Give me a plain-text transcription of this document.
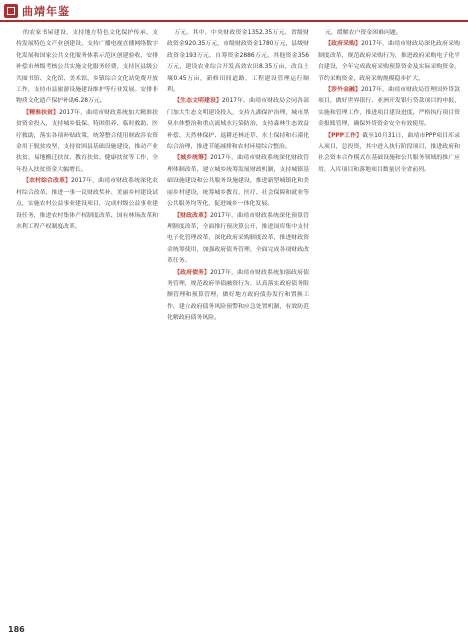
曲靖年鉴

的农家书屋建设、支持地方特色文化保护传承、支持发展特色文产业创建设、支持广播电视直播网络数字化发展和国家公共文化服务体系示范区创建验收、安排补偿市州级考核公共实施文化服务经费，支持区县级公共图书馆、文化馆、美术馆、乡镇综合文化站免费开放工作，支持市县旅游设施建设维护等行业发展。安排非物质文化遗产保护补助6.28万元。

【精准扶贫】2017年，曲靖市财政系统加大精准扶贫资金投入，支持城乡低保、特困供养、临时救助、医疗救助，落实各项补贴政策，统筹整合使用财政涉农资金用于脱贫攻坚，支持贫困县基础设施建设，推动产业扶贫、易地搬迁扶贫、教育扶贫、健康扶贫等工作，全年投入扶贫资金大幅增长。

【农村综合改革】2017年，曲靖市财政系统深化农村综合改革，推进一事一议财政奖补、美丽乡村建设试点，实施农村公益事业建设项目，完成村级公益事业建设任务，推进农村集体产权制度改革、国有林场改革和水利工程产权制度改革。

万元。其中，中央财政资金1352.35万元、省级财政资金920.35万元，市级财政资金1780万元，县级财政资金193万元，自筹资金2886万元，其他资金356万元，建设农业综合开发高效农田8.35万亩，改良土壤0.45万亩，新修田间道路，工程建设管理运行顺利。

【生态文明建设】2017年，曲靖市财政局会同各部门加大生态文明建设投入，支持九湖保护治理、城市黑臭水体整治和重点流域水污染防治，支持森林生态效益补偿、天然林保护、退耕还林还草、水土保持和石漠化综合治理，推进节能减排和农村环境综合整治。

【城乡统筹】2017年，曲靖市财政系统深化财政管理体制改革，建立城乡统筹发展财政机制，支持城镇基础设施建设和公共服务设施建设，推进新型城镇化和美丽乡村建设，统筹城乡教育、医疗、社会保障和就业等公共服务均等化，促进城乡一体化发展。

【财政改革】2017年，曲靖市财政系统深化预算管理制度改革，全面推行预决算公开，推进国库集中支付电子化管理改革，深化政府采购制度改革，推进财政资金统筹使用，加强政府债务管理，全面完成各项财政改革任务。

【政府债务】2017年，曲靖市财政系统加强政府债务管理，规范政府举债融资行为，认真落实政府债务限额管理和预算管理，做好地方政府债券发行和置换工作，建立政府债务风险预警和应急处置机制，有效防范化解政府债务风险。

元，缓解农户资金困难问题。

【政府采购】2017年，曲靖市财政局深化政府采购制度改革，规范政府采购行为，推进政府采购电子化平台建设，全年完成政府采购预算资金及实际采购资金，节约采购资金，政府采购规模稳步扩大。

【涉外金融】2017年，曲靖市财政局管理国外贷款项目，做好世界银行、亚洲开发银行贷款项目的申报、实施和管理工作，推进项目建设进度，严格执行项目资金报账管理，确保外贷资金安全有效使用。

【PPP工作】截至10月31日，曲靖市PPP项目库录入项目，总投资，其中进入执行阶段项目，推进政府和社会资本合作模式在基础设施和公共服务领域的推广应用，入库项目和落地项目数量居全省前列。

186
